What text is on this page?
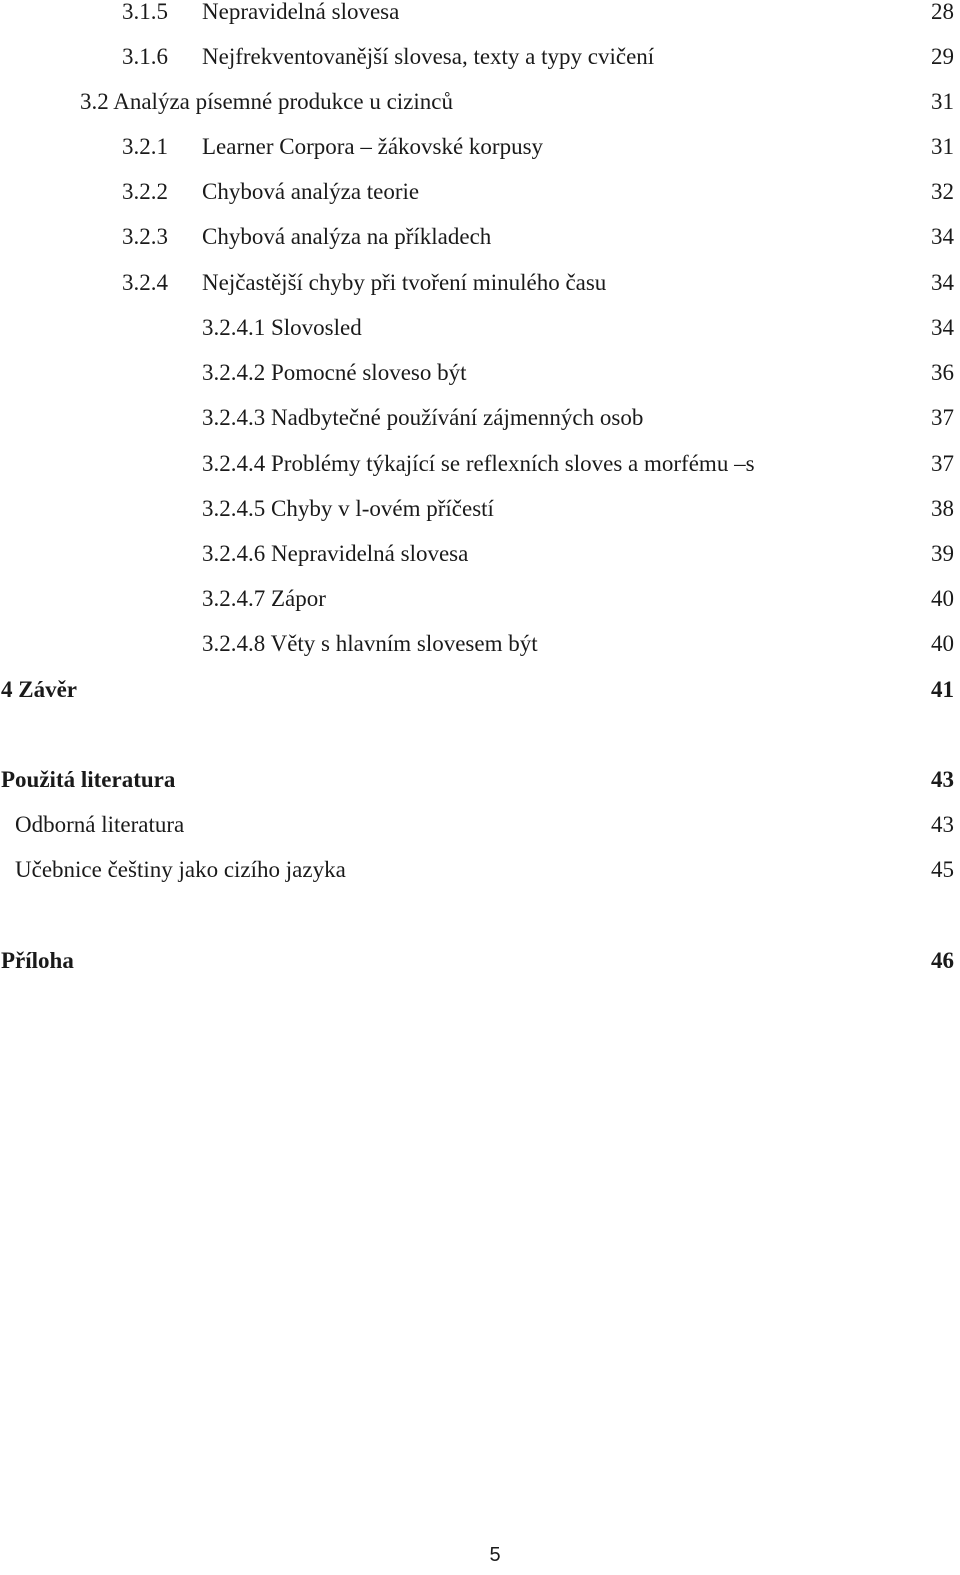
3.1.5 Nepravidelná slovesa	28
3.1.6 Nejfrekventovanější slovesa, texty a typy cvičení	29
3.2 Analýza písemné produkce u cizinců	31
3.2.1 Learner Corpora – žákovské korpusy	31
3.2.2 Chybová analýza teorie	32
3.2.3 Chybová analýza na příkladech	34
3.2.4 Nejčastější chyby při tvoření minulého času	34
3.2.4.1 Slovosled	34
3.2.4.2 Pomocné sloveso být	36
3.2.4.3 Nadbytečné používání zájmenných osob	37
3.2.4.4 Problémy týkající se reflexních sloves a morfému –s	37
3.2.4.5 Chyby v l-ovém příčestí	38
3.2.4.6 Nepravidelná slovesa	39
3.2.4.7 Zápor	40
3.2.4.8 Věty s hlavním slovesem být	40
4 Závěr	41
Použitá literatura	43
Odborná literatura	43
Učebnice češtiny jako cizího jazyka	45
Příloha	46
5
